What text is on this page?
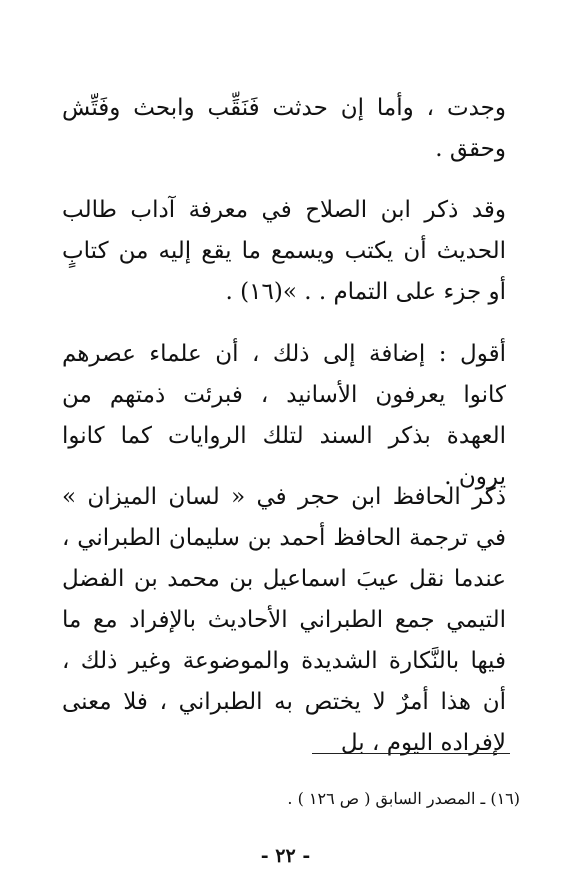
وجدت ، وأما إن حدثت فَنَقِّب وابحث وفَتِّش وحقق .
وقد ذكر ابن الصلاح في معرفة آداب طالب الحديث أن يكتب ويسمع ما يقع إليه من كتابٍ أو جزء على التمام . . »(١٦) .
أقول : إضافة إلى ذلك ، أن علماء عصرهم كانوا يعرفون الأسانيد ، فبرئت ذمتهم من العهدة بذكر السند لتلك الروايات كما كانوا يرون .
ذكر الحافظ ابن حجر في « لسان الميزان » في ترجمة الحافظ أحمد بن سليمان الطبراني ، عندما نقل عيبَ اسماعيل بن محمد بن الفضل التيمي جمع الطبراني الأحاديث بالإفراد مع ما فيها بالنَّكارة الشديدة والموضوعة وغير ذلك ، أن هذا أمرٌ لا يختص به الطبراني ، فلا معنى لإفراده اليوم ، بل
(١٦) ـ المصدر السابق ( ص ١٢٦ ) .
- ٢٢ -
